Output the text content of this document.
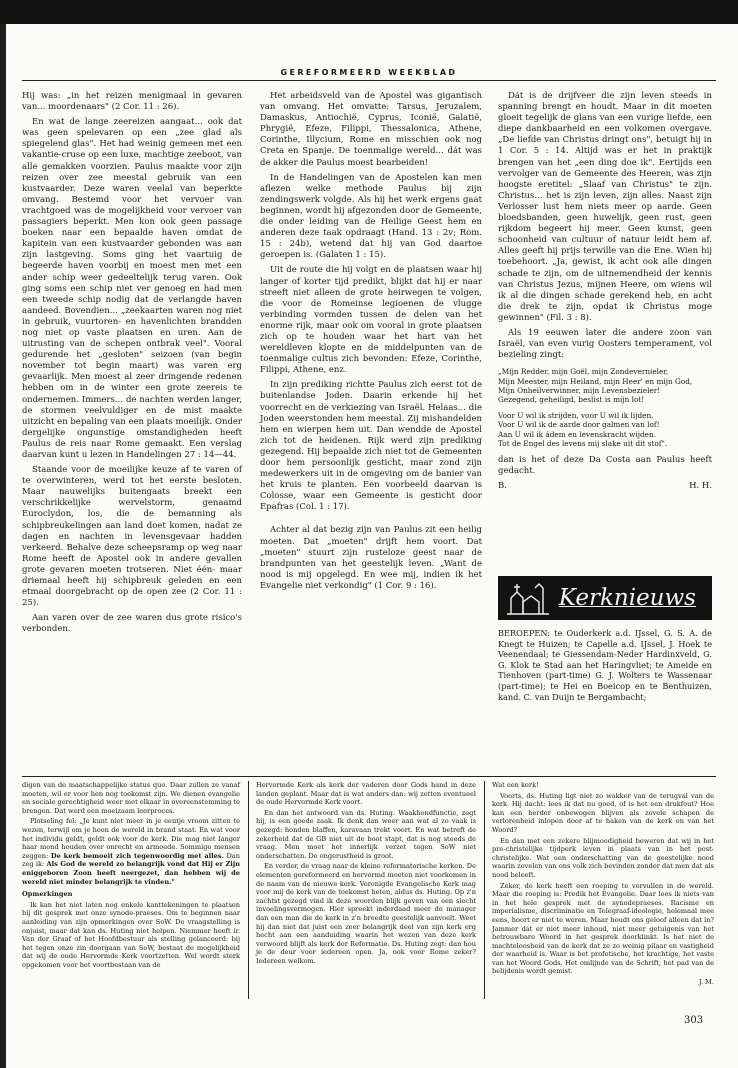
GEREFORMEERD WEEKBLAD

Hij was: „in het reizen menigmaal in gevaren van... moordenaars" (2 Cor. 11 : 26).

En wat de lange zeereizen aangaat... ook dat was geen spelevaren op een „zee glad als spiegelend glas". Het had weinig gemeen met een vakantie-cruse op een luxe, machtige zeeboot, van alle gemakken voorzien. Paulus maakte voor zijn reizen over zee meestal gebruik van een kustvaarder. Deze waren veelal van beperkte omvang. Bestemd voor het vervoer van vrachtgoed was de mogelijkheid voor vervoer van passagiers beperkt. Men kon ook geen passage boeken naar een bepaalde haven omdat de kapitein van een kustvaarder gebonden was aan zijn lastgeving. Soms ging het vaartuig de begeerde haven voorbij en moest men met een ander schip weer gedeeltelijk terug varen. Ook ging soms een schip niet ver genoeg en had men een tweede schip nodig dat de verlangde haven aandeed. Bovendien... „zeekaarten waren nog niet in gebruik, vuurtoren- en havenlichten brandden nog niet op vaste plaatsen en uren. Aan de uitrusting van de schepen ontbrak veel". Vooral gedurende het „gesloten" seizoen (van begin november tot begin maart) was varen erg gevaarlijk. Men moest al zeer dringende redenen hebben om in de winter een grote zeereis te ondernemen. Immers... de nachten werden langer, de stormen veelvuldiger en de mist maakte uitzicht en bepaling van een plaats moeilijk. Onder dergelijke ongunstige omstandigheden heeft Paulus de reis naar Rome gemaakt. Een verslag daarvan kunt u lezen in Handelingen 27 : 14—44.

Staande voor de moeilijke keuze af te varen of te overwinteren, werd tot het eerste besloten. Maar nauwelijks buitengaats breekt een verschrikkelijke wervelstorm, genaamd Euroclydon, los, die de bemanning als schipbreukelingen aan land doet komen, nadat ze dagen en nachten in levensgevaar hadden verkeerd. Behalve deze scheepsramp op weg naar Rome heeft de Apostel ook in andere gevallen grote gevaren moeten trotseren. Niet één- maar driemaal heeft hij schipbreuk geleden en een etmaal doorgebracht op de open zee (2 Cor. 11 : 25).

Aan varen over de zee waren dus grote risico's verbonden.

Het arbeidsveld van de Apostel was gigantisch van omvang. Het omvatte: Tarsus, Jeruzalem, Damaskus, Antiochië, Cyprus, Iconië, Galatië, Phrygië, Efeze, Filippi, Thessalonica, Athene, Corinthe, Illycium, Rome en misschien ook nog Creta en Spanje. De toenmalige wereld... dát was de akker die Paulus moest bearbeiden!

In de Handelingen van de Apostelen kan men aflezen welke methode Paulus bij zijn zendingswerk volgde. Als hij het werk ergens gaat beginnen, wordt hij afgezonden door de Gemeente, die onder leiding van de Heilige Geest hem en anderen deze taak opdraagt (Hand. 13 : 2v; Rom. 15 : 24b), wetend dat hij van God daartoe geroepen is. (Galaten 1 : 15).

Uit de route die hij volgt en de plaatsen waar hij langer of korter tijd predikt, blijkt dat hij er naar streeft niet alleen de grote heirwegen te volgen, die voor de Romeinse legioenen de vlugge verbinding vormden tussen de delen van het enorme rijk, maar ook om vooral in grote plaatsen zich op te houden waar het hart van het wereldleven klopte en de middelpunten van de toenmalige cultus zich bevonden: Efeze, Corinthe, Filippi, Athene, enz.

In zijn prediking richtte Paulus zich eerst tot de buitenlandse Joden. Daarin erkende hij het voorrecht en de verkiezing van Israël. Helaas... die Joden weerstonden hem meestal. Zij mishandelden hem en wierpen hem uit. Dan wendde de Apostel zich tot de heidenen. Rijk werd zijn prediking gezegend. Hij bepaalde zich niet tot de Gemeenten door hem persoonlijk gesticht, maar zond zijn medewerkers uit in de omgeving om de banier van het kruis te planten. Een voorbeeld daarvan is Colosse, waar een Gemeente is gesticht door Epafras (Col. 1 : 17).

Achter al dat bezig zijn van Paulus zit een heilig moeten. Dat „moeten" drijft hem voort. Dat „moeten" stuurt zijn rusteloze geest naar de brandpunten van het geestelijk leven. „Want de nood is mij opgelegd. En wee mij, indien ik het Evangelie niet verkondig" (1 Cor. 9 : 16).

Dát is de drijfveer die zijn leven steeds in spanning brengt en houdt. Maar in dit moeten gloeit tegelijk de glans van een vurige liefde, een diepe dankbaarheid en een volkomen overgave. „De liefde van Christus dringt ons", betuigt hij in 1 Cor. 5 : 14. Altijd was er het in praktijk brengen van het „een ding doe ik". Eertijds een vervolger van de Gemeente des Heeren, was zijn hoogste eretitel: „Slaaf van Christus" te zijn. Christus... het is zijn leven, zijn alles. Naast zijn Verlosser lust hem niets meer op aarde. Geen bloedsbanden, geen huwelijk, geen rust, geen rijkdom begeert hij meer. Geen kunst, geen schoonheid van cultuur of natuur leidt hem af. Alles geeft hij prijs terwille van die Ene. Wien hij toebehoort. „Ja, gewist, ik acht ook alle dingen schade te zijn, om de uitnemendheid der kennis van Christus Jezus, mijnen Heere, om wiens wil ik al die dingen schade gerekend heb, en acht die drek te zijn, opdat ik Christus moge gewinnen" (Fil. 3 : 8).

Als 19 eeuwen later die andere zoon van Israël, van even vurig Oosters temperament, vol bezieling zingt:

„Mijn Redder, mijn Goël, mijn Zondevernieler,
Mijn Meester, mijn Heiland, mijn Heer' en mijn God,
Mijn Onheilverwinner, mijn Levensbezieler!
Gezegend, geheiligd, beslist is mijn lot!
Voor U wil ik strijden, voor U wil ik lijden,
Voor U wil ik de aarde door galmen van lof!
Aan U wil ik ádem en levenskracht wijden.
Tot de Engel des levens mij slake uit dit stof".

dan is het of deze Da Costa aan Paulus heeft gedacht.

B.	H. H.
Kerknieuws

BEROEPEN: te Ouderkerk a.d. IJssel, G. S. A. de Knegt te Huizen; te Capelle a.d. IJssel, J. Hoek te Veenendaal; te Giessendam-Neder Hardinxveld, G. G. Klok te Stad aan het Haringvliet; te Ameide en Tienhoven (part-time) G. J. Wolters te Wassenaar (part-time); te Hei en Boeicop en te Benthuizen, kand. C. van Duijn te Bergambacht;

digen van de maatschappelijke status quo. Daar zullen ze vanaf moeten, wil er voor hen nog toekomst zijn. We dienen evangelie en sociale gerechtigheid weer met elkaar in overeenstemming te brengen. Dat werd een moeizaam leerproces.

Plotseling fel: „Je kunt niet meer in je eentje vroom zitten te wezen, terwijl om je heen de wereld in brand staat. En wat voor het individu geldt, geldt ook voor de kerk. Die mag niet langer haar mond houden over onrecht en armoede. Sommige mensen zeggen: De kerk bemoeit zich tegenwoordig met alles. Dan zeg ik: Als God de wereld zo belangrijk vond dat Hij er Zijn eniggeboren Zoon heeft neergezet, dan hebben wij de wereld niet minder belangrijk te vinden."

Opmerkingen

Ik kan het niet laten nog enkele kanttekeningen te plaatsen bij dit gesprek met onze synode-praeses. Om te beginnen naar aanleiding van zijn opmerkingen over SoW. De vraagstelling is onjuist, maar dat kan ds. Huting niet helpen. Niemmer heeft ir. Van der Graaf of het Hoofdbestuur als stelling gelanceerd: bij het tegen onze zin doorgaan van SoW, bestaat de mogelijkheid dat wij de oude Hervormde Kerk voortzetten. Wel wordt sterk opgekomen voor het voortbestaan van de

Hervormde Kerk als kerk der vaderen door Gods hand in deze landen geplant. Maar dat is wat anders dan: wij zetten eventueel de oude Hervormde Kerk voort.

En dan het antwoord van ds. Huting. Waakhondfunctie, zegt hij, is een goede zaak. Ik denk dan weer aan wat al zo vaak is gezegd: honden blaffen, karavaan trekt voort. En wat betreft de zekerheid dat de GB niet uit de boot stapt, dat is nog steeds de vraag. Men moet het innerlijk verzet tegen SoW niet onderschatten. De ongerustheid is groot.

En verder, de vraag naar de kleine reformatorische kerken. De elementen gereformeerd en hervormd moeten niet voorkomen in de naam van de nieuwe kerk. Verenigde Evangelische Kerk mag voor mij de kerk van de toekomst heten, aldus ds. Huting. Op z'n zachtst gezegd vind ik deze woorden blijk geven van een slecht invoelingsvermogen. Hier spreekt inderdaad meer de manager dan een man die de kerk in z'n breedte geestelijk aanvoelt. Weet hij dan niet dat juist een zeer belangrijk deel van zijn kerk erg hecht aan een aanduiding waarin het wezen van deze kerk verwoord blijft als kerk der Reformatie. Ds. Huting zegt: dan hou je de deur voor iedereen open. Ja, ook voor Rome zeker? Iedereen welkom.

Wat een kerk!

Voorts, ds. Huting ligt niet zo wakker van de terugval van de kerk. Hij dacht: lees ik dat nu goed, of is het een drukfout? Hoe kan een herder onbewogen blijven als zovele schapen de verlorenheid inlopen door af te haken van de kerk en van het Woord?

En dan met een zekere blijmoedigheid beweren dat wij in het pre-christelijke tijdperk leven in plaats van in het post-christelijke. Wat een onderschatting van de geestelijke nood waarin zovelen van ons volk zich bevinden zonder dat men dat als nood beleeft.

Zeker, de kerk heeft een roeping te vervullen in de wereld. Maar die roeping is: Predik het Evangelie. Daar lees ik niets van in het hele gesprek met de synodepraeses. Racisme en imperialisme, discriminatie en Telegraaf-ideologie, helemaal mee eens, hoort er niet te weren. Maar houdt ons geloof alleen dat in? Jammer dat er niet meer inhoud, niet meer getuigenis van het betrouwbare Woord in het gesprek doorklinkt. Is het niet de machteloosheid van de kerk dat ze zo weinig pilaar en vastigheid der waarheid is. Waar is het profetische, het krachtige, het vaste van het Woord Gods. Het omlijnde van de Schrift, het pad van de belijdenis wordt gemist.

J. M.

303
